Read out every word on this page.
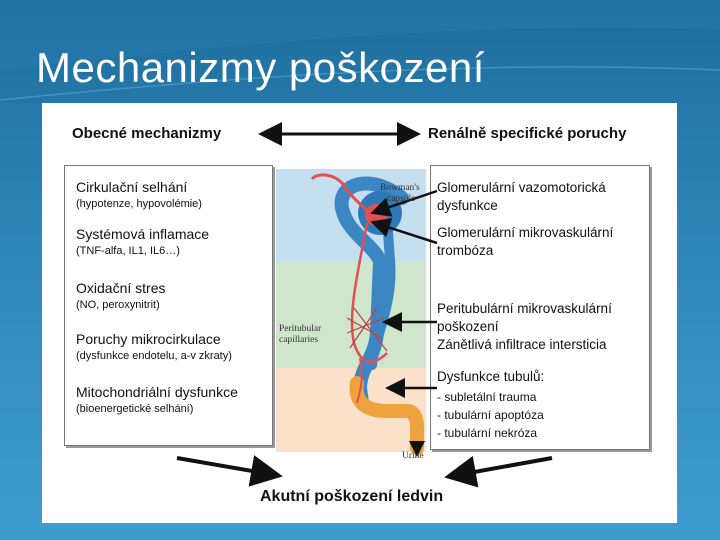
Mechanizmy poškození
Obecné mechanizmy	Renálně specifické poruchy
Cirkulační selhání
(hypotenze, hypovolémie)
Systémová inflamace
(TNF-alfa, IL1, IL6…)
Oxidační stres
(NO, peroxynitrit)
Poruchy mikrocirkulace
(dysfunkce endotelu, a-v zkraty)
Mitochondriální dysfunkce
(bioenergetické selhání)
Glomerulární vazomotorická
dysfunkce
Glomerulární mikrovaskulární
trombóza
Peritubulární mikrovaskulární
poškození
Zánětlivá infiltrace intersticia
Dysfunkce tubulů:
- subletální trauma
- tubulární apoptóza
- tubulární nekróza
Bowman's
capsule
Peritubular
capillaries
Urine
Akutní poškození ledvin
